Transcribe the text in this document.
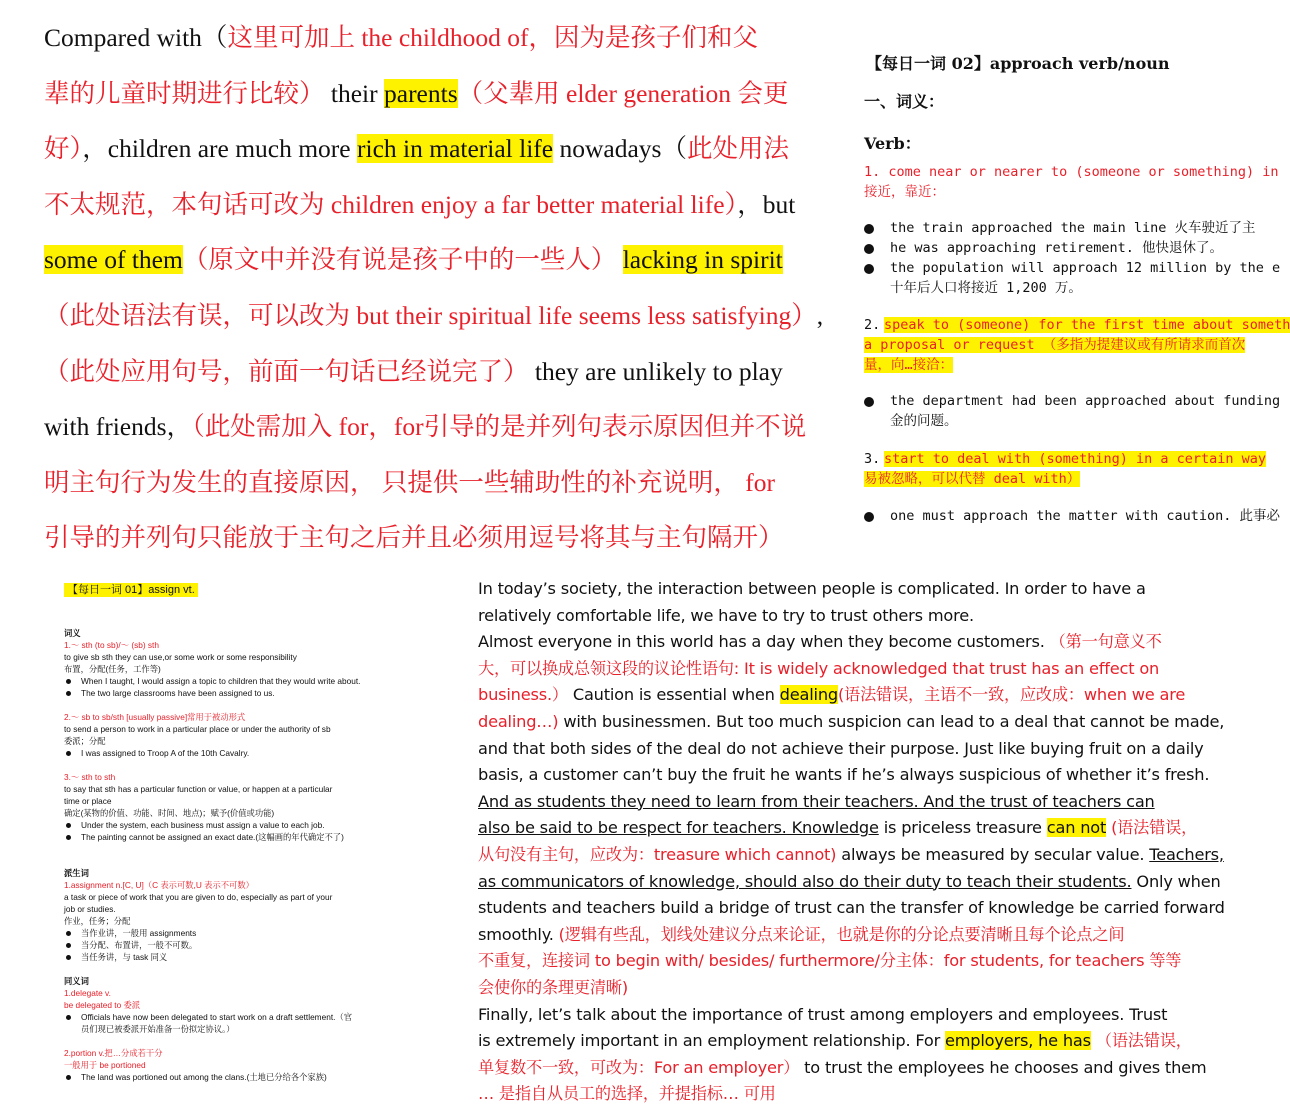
Compared with（这里可加上 the childhood of，因为是孩子们和父
辈的儿童时期进行比较） their parents（父辈用 elder generation 会更
好），children are much more rich in material life nowadays（此处用法
不太规范，本句话可改为 children enjoy a far better material life），but
some of them（原文中并没有说是孩子中的一些人） lacking in spirit
（此处语法有误，可以改为 but their spiritual life seems less satisfying）,
（此处应用句号，前面一句话已经说完了） they are unlikely to play
with friends，（此处需加入 for，for引导的是并列句表示原因但并不说
明主句行为发生的直接原因， 只提供一些辅助性的补充说明， for
引导的并列句只能放于主句之后并且必须用逗号将其与主句隔开）
【每日一词 02】approach verb/noun
一、词义：
Verb：
1. come near or nearer to (someone or something) in
接近，靠近：
the train approached the main line 火车驶近了主
he was approaching retirement. 他快退休了。
the population will approach 12 million by the e
十年后人口将接近 1,200 万。
2. speak to (someone) for the first time about someth
a proposal or request （多指为提建议或有所请求而首次
量，向…接洽：
the department had been approached about funding
金的问题。
3. start to deal with (something) in a certain way
易被忽略，可以代替 deal with）
one must approach the matter with caution. 此事必
【每日一词 01】assign vt.
词义
1.～ sth (to sb)/～ (sb) sth
to give sb sth they can use,or some work or some responsibility
布置，分配(任务，工作等)
When I taught, I would assign a topic to children that they would write about.
The two large classrooms have been assigned to us.
2.～ sb to sb/sth [usually passive]常用于被动形式
to send a person to work in a particular place or under the authority of sb
委派；分配
I was assigned to Troop A of the 10th Cavalry.
3.～ sth to sth
to say that sth has a particular function or value, or happen at a particular
time or place
确定(某物的价值、功能、时间、地点)；赋予(价值或功能)
Under the system, each business must assign a value to each job.
The painting cannot be assigned an exact date.(这幅画的年代确定不了)
派生词
1.assignment n.[C, U]（C 表示可数,U 表示不可数）
a task or piece of work that you are given to do, especially as part of your
job or studies.
作业，任务；分配
当作业讲，一般用 assignments
当分配、布置讲，一般不可数。
当任务讲，与 task 同义
同义词
1.delegate v.
be delegated to 委派
Officials have now been delegated to start work on a draft settlement.（官
员们现已被委派开始准备一份拟定协议。）
2.portion v.把…分成若干分
一般用于 be portioned
The land was portioned out among the clans.(土地已分给各个家族)
In today’s society, the interaction between people is complicated. In order to have a
relatively comfortable life, we have to try to trust others more.
Almost everyone in this world has a day when they become customers. （第一句意义不
大，可以换成总领这段的议论性语句: It is widely acknowledged that trust has an effect on
business.） Caution is essential when dealing(语法错误，主语不一致，应改成：when we are
dealing…) with businessmen. But too much suspicion can lead to a deal that cannot be made,
and that both sides of the deal do not achieve their purpose. Just like buying fruit on a daily
basis, a customer can’t buy the fruit he wants if he’s always suspicious of whether it’s fresh.
And as students they need to learn from their teachers. And the trust of teachers can
also be said to be respect for teachers. Knowledge is priceless treasure can not (语法错误，
从句没有主句，应改为：treasure which cannot) always be measured by secular value. Teachers,
as communicators of knowledge, should also do their duty to teach their students. Only when
students and teachers build a bridge of trust can the transfer of knowledge be carried forward
smoothly. (逻辑有些乱，划线处建议分点来论证，也就是你的分论点要清晰且每个论点之间
不重复，连接词 to begin with/ besides/ furthermore/分主体：for students, for teachers 等等
会使你的条理更清晰)
Finally, let’s talk about the importance of trust among employers and employees. Trust
is extremely important in an employment relationship. For employers, he has （语法错误，
单复数不一致，可改为：For an employer） to trust the employees he chooses and gives them
… 是指自从员工的选择，并提指标… 可用
